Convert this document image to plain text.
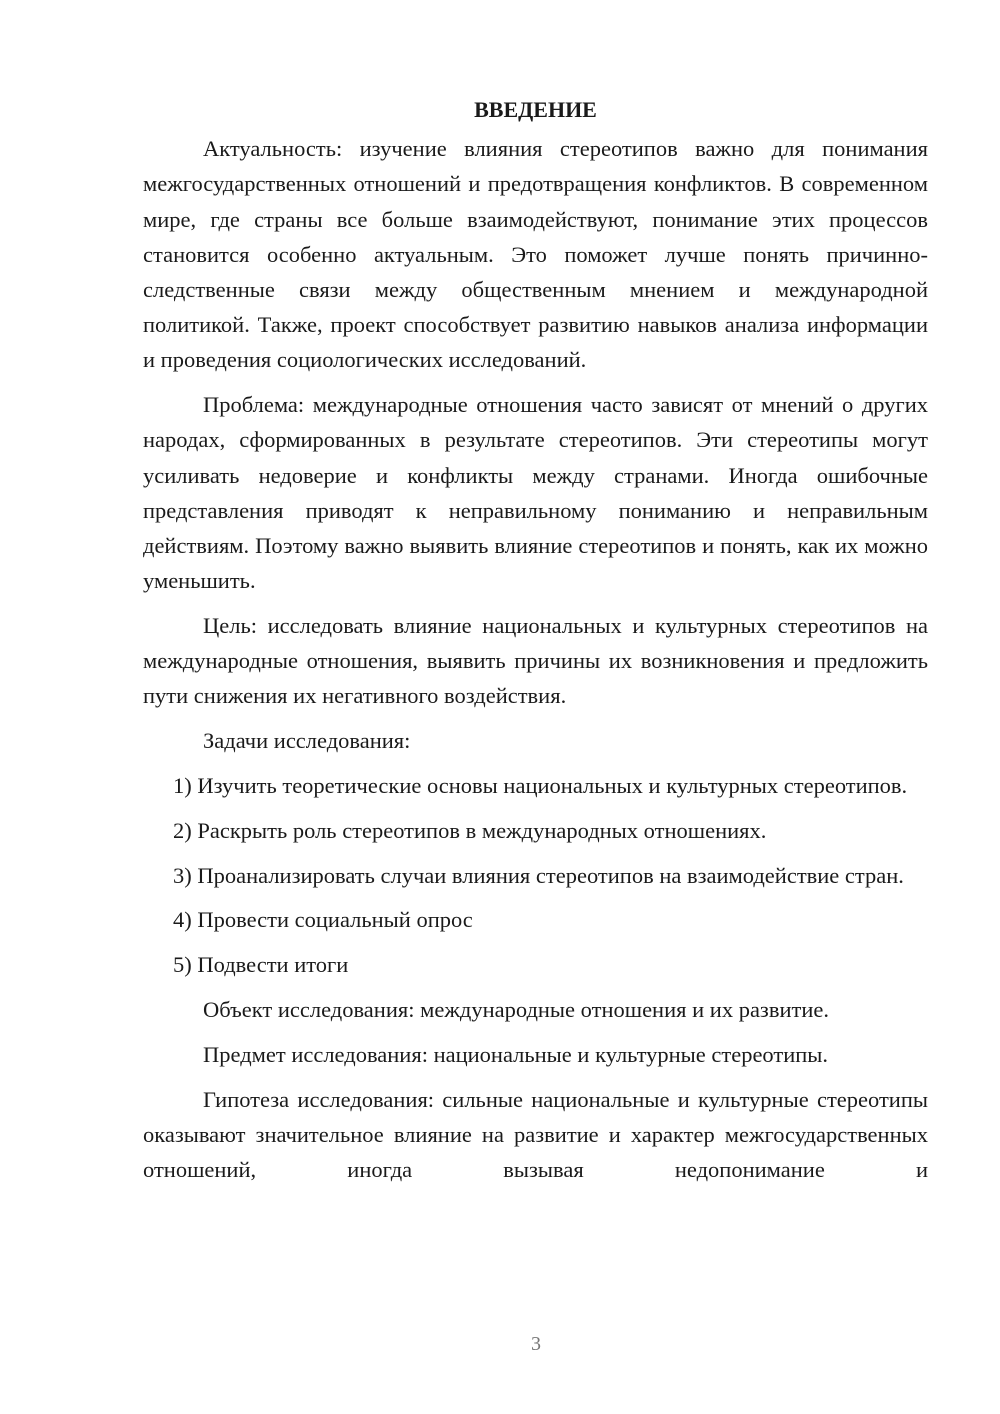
ВВЕДЕНИЕ

Актуальность: изучение влияния стереотипов важно для понимания межгосударственных отношений и предотвращения конфликтов. В современном мире, где страны все больше взаимодействуют, понимание этих процессов становится особенно актуальным. Это поможет лучше понять причинно-следственные связи между общественным мнением и международной политикой. Также, проект способствует развитию навыков анализа информации и проведения социологических исследований.

Проблема: международные отношения часто зависят от мнений о других народах, сформированных в результате стереотипов. Эти стереотипы могут усиливать недоверие и конфликты между странами. Иногда ошибочные представления приводят к неправильному пониманию и неправильным действиям. Поэтому важно выявить влияние стереотипов и понять, как их можно уменьшить.

Цель: исследовать влияние национальных и культурных стереотипов на международные отношения, выявить причины их возникновения и предложить пути снижения их негативного воздействия.

Задачи исследования:

1) Изучить теоретические основы национальных и культурных стереотипов.

2) Раскрыть роль стереотипов в международных отношениях.

3) Проанализировать случаи влияния стереотипов на взаимодействие стран.

4) Провести социальный опрос

5) Подвести итоги

Объект исследования: международные отношения и их развитие.

Предмет исследования: национальные и культурные стереотипы.

Гипотеза исследования: сильные национальные и культурные стереотипы оказывают значительное влияние на развитие и характер межгосударственных отношений, иногда вызывая недопонимание и

3
